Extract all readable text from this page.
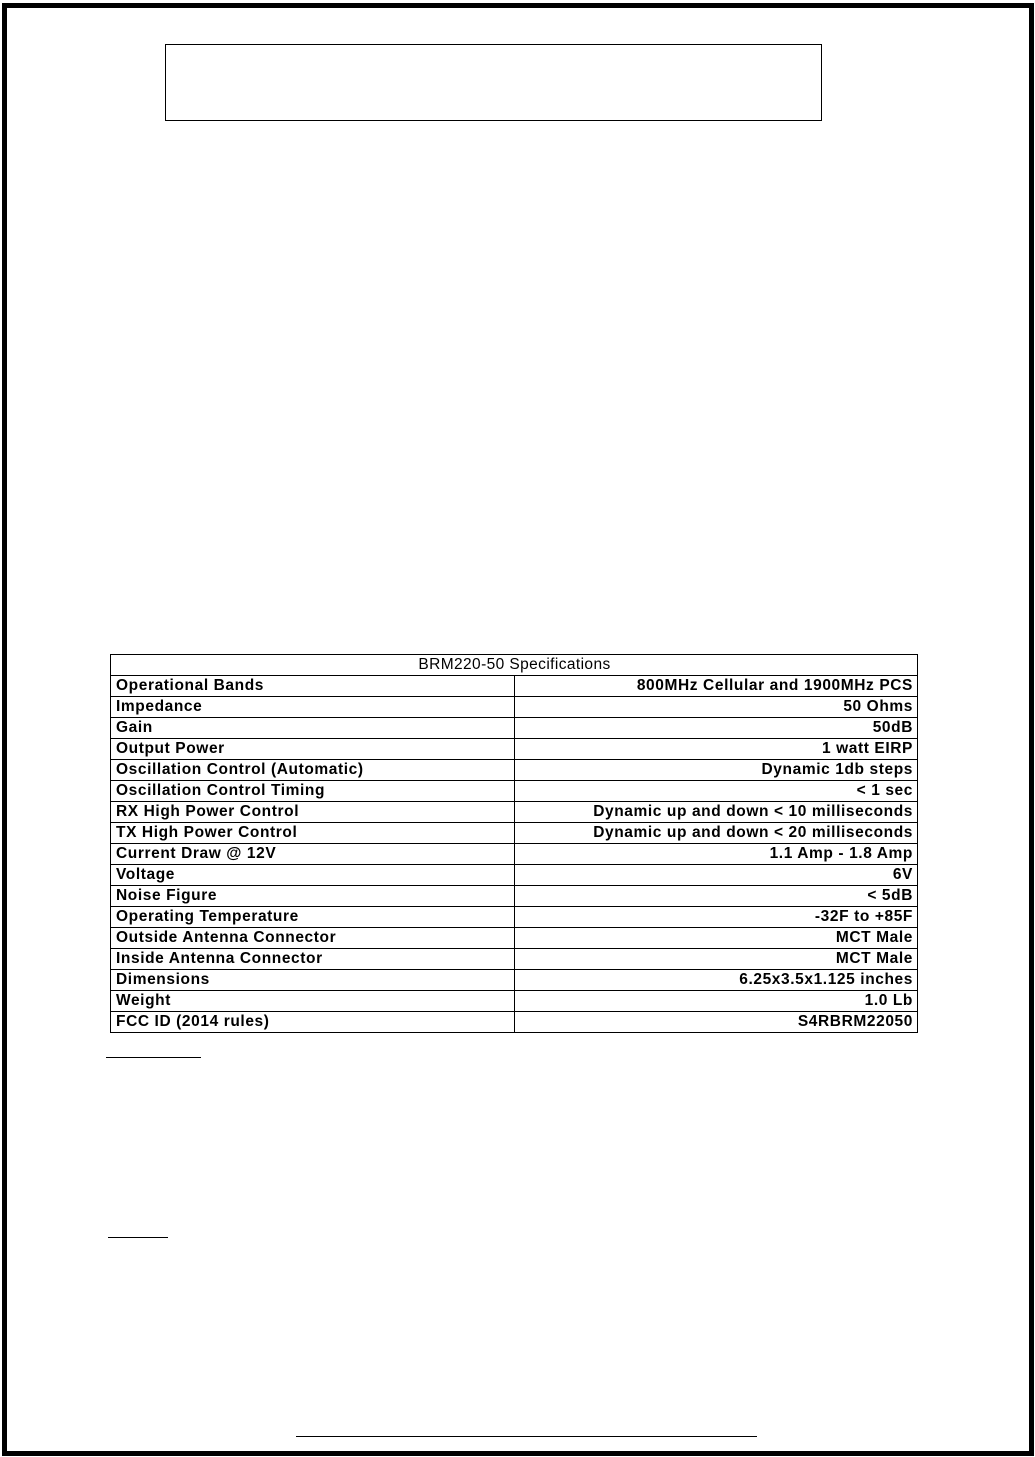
BRM220-50 Specifications	
Operational Bands	800MHz Cellular and 1900MHz PCS
Impedance	50 Ohms
Gain	50dB
Output Power	1 watt EIRP
Oscillation Control (Automatic)	Dynamic 1db steps
Oscillation Control Timing	< 1 sec
RX High Power Control	Dynamic up and down < 10 milliseconds
TX High Power Control	Dynamic up and down < 20 milliseconds
Current Draw @ 12V	1.1 Amp - 1.8 Amp
Voltage	6V
Noise Figure	< 5dB
Operating Temperature	-32F to +85F
Outside Antenna Connector	MCT Male
Inside Antenna Connector	MCT Male
Dimensions	6.25x3.5x1.125 inches
Weight	1.0 Lb
FCC ID (2014 rules)	S4RBRM22050
